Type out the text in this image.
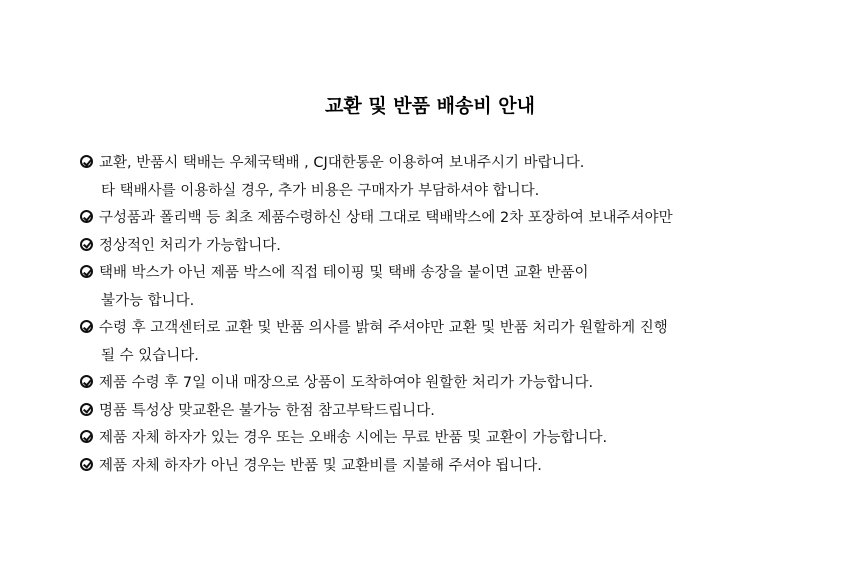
교환 및 반품 배송비 안내
교환, 반품시 택배는 우체국택배 , CJ대한통운 이용하여 보내주시기 바랍니다.
타 택배사를 이용하실 경우, 추가 비용은 구매자가 부담하셔야 합니다.
구성품과 폴리백 등 최초 제품수령하신 상태 그대로 택배박스에 2차 포장하여 보내주셔야만
정상적인 처리가 가능합니다.
택배 박스가 아닌 제품 박스에 직접 테이핑 및 택배 송장을 붙이면 교환 반품이
불가능 합니다.
수령 후 고객센터로 교환 및 반품 의사를 밝혀 주셔야만 교환 및 반품 처리가 원할하게 진행
될 수 있습니다.
제품 수령 후 7일 이내 매장으로 상품이 도착하여야 원할한 처리가 가능합니다.
명품 특성상 맞교환은 불가능 한점 참고부탁드립니다.
제품 자체 하자가 있는 경우 또는 오배송 시에는 무료 반품 및 교환이 가능합니다.
제품 자체 하자가 아닌 경우는 반품 및 교환비를 지불해 주셔야 됩니다.
